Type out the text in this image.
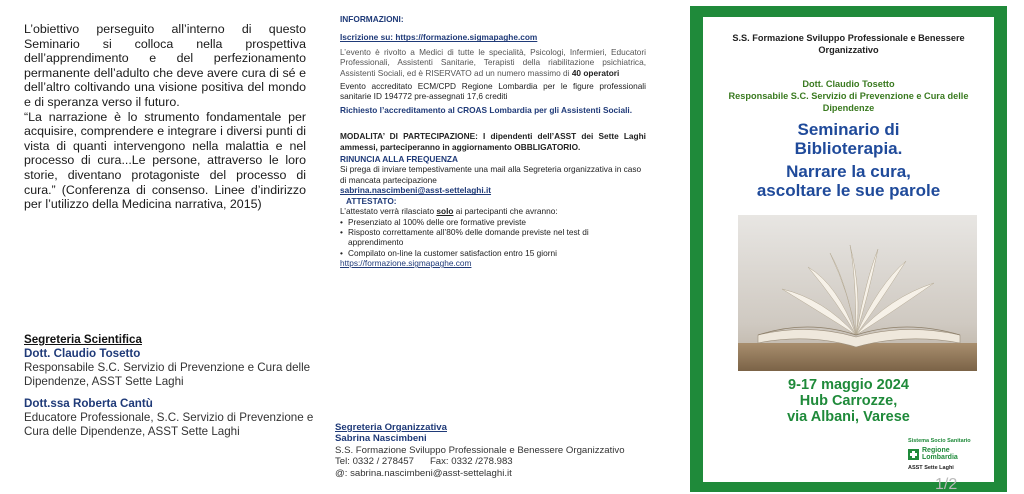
L’obiettivo perseguito all’interno di questo Seminario si colloca nella prospettiva dell’apprendimento e del perfezionamento permanente dell’adulto che deve avere cura di sé e dell’altro coltivando una visione positiva del mondo e di speranza verso il futuro.

“La narrazione è lo strumento fondamentale per acquisire, comprendere e integrare i diversi punti di vista di quanti intervengono nella malattia e nel processo di cura...Le persone, attraverso le loro storie, diventano protagoniste del processo di cura.” (Conferenza di consenso. Linee d’indirizzo per l’utilizzo della Medicina narrativa, 2015)

Segreteria Scientifica
Dott. Claudio Tosetto
Responsabile S.C. Servizio di Prevenzione e Cura delle Dipendenze, ASST Sette Laghi
Dott.ssa Roberta Cantù
Educatore Professionale, S.C. Servizio di Prevenzione e Cura delle Dipendenze, ASST Sette Laghi

INFORMAZIONI:

Iscrizione su: https://formazione.sigmapaghe.com

L’evento è rivolto a Medici di tutte le specialità, Psicologi, Infermieri, Educatori Professionali, Assistenti Sanitarie, Terapisti della riabilitazione psichiatrica, Assistenti Sociali, ed è RISERVATO ad un numero massimo di 40 operatori

Evento accreditato ECM/CPD Regione Lombardia per le figure professionali sanitarie ID 194772 pre-assegnati 17,6 crediti

Richiesto l’accreditamento al CROAS Lombardia per gli Assistenti Sociali.

MODALITA’ DI PARTECIPAZIONE: I dipendenti dell’ASST dei Sette Laghi ammessi, parteciperanno in aggiornamento OBBLIGATORIO.

RINUNCIA ALLA FREQUENZA

Si prega di inviare tempestivamente una mail alla Segreteria organizzativa in caso di mancata partecipazione

sabrina.nascimbeni@asst-settelaghi.it

ATTESTATO:

L’attestato verrà rilasciato solo ai partecipanti che avranno:

• Presenziato al 100% delle ore formative previste
• Risposto correttamente all’80% delle domande previste nel test di apprendimento
• Compilato on-line la customer satisfaction entro 15 giorni

https://formazione.sigmapaghe.com

Segreteria Organizzativa
Sabrina Nascimbeni
S.S. Formazione Sviluppo Professionale e Benessere Organizzativo
Tel: 0332 / 278457      Fax: 0332 /278.983
@: sabrina.nascimbeni@asst-settelaghi.it
S.S. Formazione Sviluppo Professionale e Benessere Organizzativo
Dott. Claudio Tosetto
Responsabile S.C. Servizio di Prevenzione e Cura delle Dipendenze
Seminario di
Biblioterapia.
Narrare la cura,
ascoltare le sue parole
9-17 maggio 2024
Hub Carrozze,
via Albani, Varese
Sistema Socio Sanitario
Regione
Lombardia
ASST Sette Laghi
1/2
